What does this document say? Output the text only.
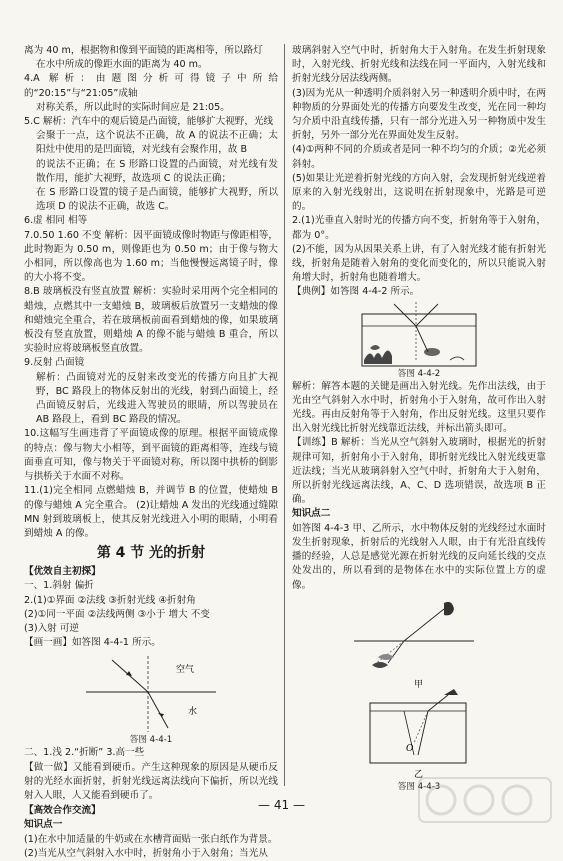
离为 40 m，根据物和像到平面镜的距离相等，所以路灯

在水中所成的像距水面的距离为 40 m。

4.A 解析：由题图分析可得镜子中所给的“20:15”与“21:05”成轴

对称关系，所以此时的实际时间应是 21:05。

5.C 解析：汽车中的观后镜是凸面镜，能够扩大视野，光线

会聚于一点，这个说法不正确，故 A 的说法不正确；太阳灶中使用的是凹面镜，对光线有会聚作用，故 B

的说法不正确；在 S 形路口设置的凸面镜，对光线有发散作用，能扩大视野，故选项 C 的说法正确；

在 S 形路口设置的镜子是凸面镜，能够扩大视野，所以选项 D 的说法不正确，故选 C。

6.虚 相同 相等

7.0.50 1.60 不变 解析：因平面镜成像时物距与像距相等，此时物距为 0.50 m，则像距也为 0.50 m；由于像与物大小相同，所以像高也为 1.60 m；当他慢慢远离镜子时，像的大小将不变。

8.B 玻璃板没有竖直放置 解析：实验时采用两个完全相同的蜡烛，点燃其中一支蜡烛 B，玻璃板后放置另一支蜡烛的像和蜡烛完全重合，若在玻璃板前面看到蜡烛的像，如果玻璃板没有竖直放置，则蜡烛 A 的像不能与蜡烛 B 重合，所以实验时应将玻璃板竖直放置。

9.反射 凸面镜

解析：凸面镜对光的反射来改变光的传播方向且扩大视野，BC 路段上的物体反射出的光线，射到凸面镜上，经凸面镜反射后，光线进入驾驶员的眼睛，所以驾驶员在 AB 路段上，看到 BC 路段的情况。

10.这幅写生画违背了平面镜成像的原理。根据平面镜成像的特点：像与物大小相等，到平面镜的距离相等，连线与镜面垂直可知，像与物关于平面镜对称，所以图中拱桥的倒影与拱桥关于水面不对称。

11.(1)完全相同 点燃蜡烛 B，并调节 B 的位置，使蜡烛 B 的像与蜡烛 A 完全重合。 (2)让蜡烛 A 发出的光线通过缝隙 MN 射到玻璃板上，使其反射光线进入小明的眼睛，小明看到蜡烛 A 的像。

第 4 节 光的折射

【优效自主初探】

一、1.斜射 偏折

2.(1)①界面 ②法线 ③折射光线 ④折射角

(2)①同一平面 ②法线两侧 ③小于 增大 不变

(3)入射 可逆

【画一画】如答图 4-4-1 所示。

空气
水
答图 4-4-1

二、1.浅 2.“折断” 3.高一些

【做一做】又能看到硬币。产生这种现象的原因是从硬币反射的光经水面折射，折射光线远离法线向下偏折，所以光线射入人眼，人又能看到硬币了。

【高效合作交流】

知识点一

(1)在水中加适量的牛奶或在水槽背面贴一张白纸作为背景。

(2)当光从空气斜射入水中时，折射角小于入射角；当光从

玻璃斜射入空气中时，折射角大于入射角。在发生折射现象时，入射光线、折射光线和法线在同一平面内，入射光线和折射光线分居法线两侧。

(3)因为光从一种透明介质斜射入另一种透明介质中时，在两种物质的分界面处光的传播方向要发生改变，光在同一种均匀介质中沿直线传播，只有一部分光进入另一种物质中发生折射，另外一部分光在界面处发生反射。

(4)①两种不同的介质或者是同一种不均匀的介质；②光必须斜射。

(5)如果让光逆着折射光线的方向入射，会发现折射光线逆着原来的入射光线射出，这说明在折射现象中，光路是可逆的。

2.(1)光垂直入射时光的传播方向不变，折射角等于入射角，都为 0°。

(2)不能，因为从因果关系上讲，有了入射光线才能有折射光线，折射角是随着入射角的变化而变化的，所以只能说入射角增大时，折射角也随着增大。

【典例】如答图 4-4-2 所示。

答图 4-4-2

解析：解答本题的关键是画出入射光线。先作出法线，由于光由空气斜射入水中时，折射角小于入射角，故可作出入射光线。再由反射角等于入射角，作出反射光线。这里只要作出入射光线比折射光线靠近法线，并标出箭头即可。

【训练】B 解析：当光从空气斜射入玻璃时，根据光的折射规律可知，折射角小于入射角，即折射光线比入射光线更靠近法线；当光从玻璃斜射入空气中时，折射角大于入射角，所以折射光线远离法线，A、C、D 选项错误，故选项 B 正确。

知识点二

如答图 4-4-3 甲、乙所示，水中物体反射的光线经过水面时发生折射现象，折射后的光线射入人眼，由于有光沿直线传播的经验，人总是感觉光源在折射光线的反向延长线的交点处发出的，所以看到的是物体在水中的实际位置上方的虚像。

甲
O
乙
答图 4-4-3
— 41 —
